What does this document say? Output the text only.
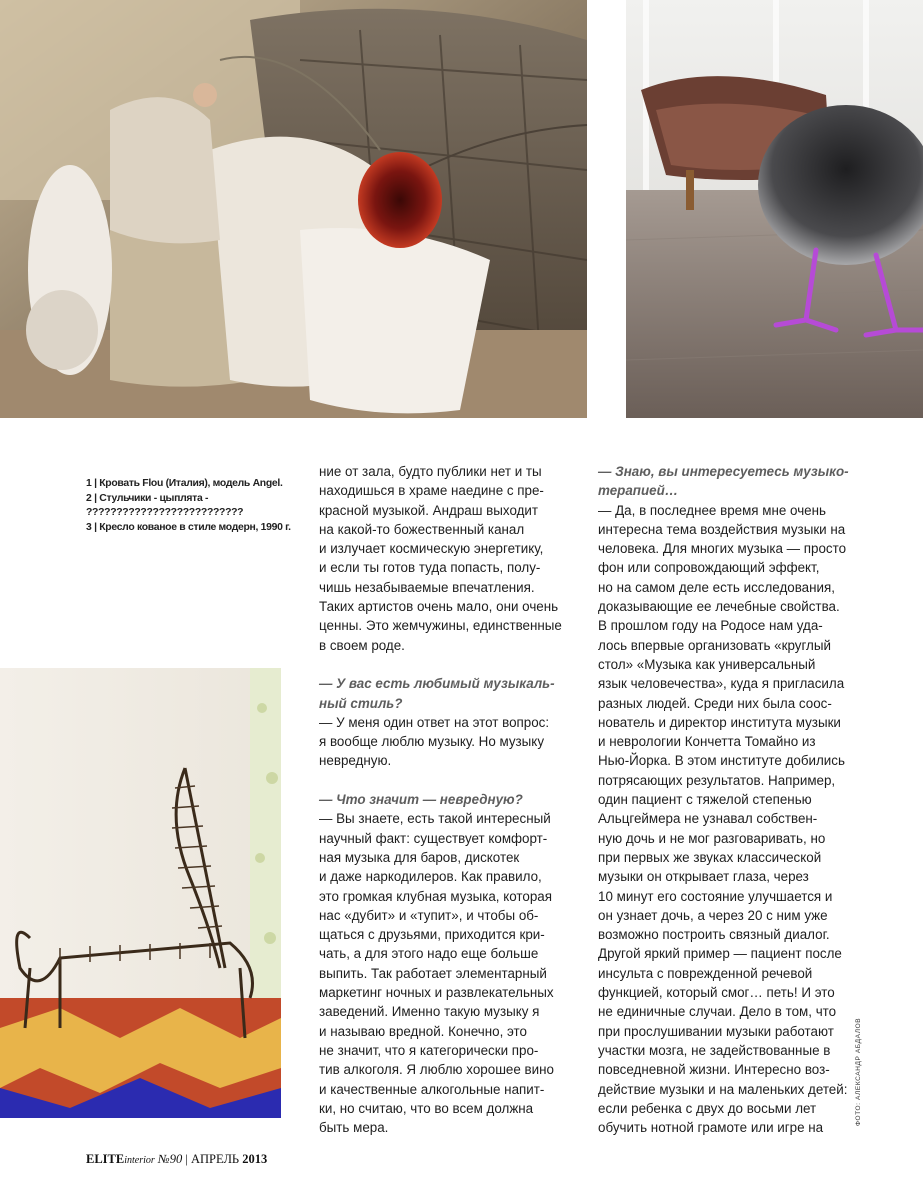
1 | Кровать Flou (Италия), модель Angel.
2 | Стульчики - цыплята -
??????????????????????????
3 | Кресло кованое в стиле модерн, 1990 г.
ние от зала, будто публики нет и ты
находишься в храме наедине с пре-
красной музыкой. Андраш выходит
на какой-то божественный канал
и излучает космическую энергетику,
и если ты готов туда попасть, полу-
чишь незабываемые впечатления.
Таких артистов очень мало, они очень
ценны. Это жемчужины, единственные
в своем роде.
— У вас есть любимый музыкаль-
ный стиль?
— У меня один ответ на этот вопрос:
я вообще люблю музыку. Но музыку
невредную.
— Что значит — невредную?
— Вы знаете, есть такой интересный
научный факт: существует комфорт-
ная музыка для баров, дискотек
и даже наркодилеров. Как правило,
это громкая клубная музыка, которая
нас «дубит» и «тупит», и чтобы об-
щаться с друзьями, приходится кри-
чать, а для этого надо еще больше
выпить. Так работает элементарный
маркетинг ночных и развлекательных
заведений. Именно такую музыку я
и называю вредной. Конечно, это
не значит, что я категорически про-
тив алкоголя. Я люблю хорошее вино
и качественные алкогольные напит-
ки, но считаю, что во всем должна
быть мера.
— Знаю, вы интересуетесь музыко-
терапией…
— Да, в последнее время мне очень
интересна тема воздействия музыки на
человека. Для многих музыка — просто
фон или сопровождающий эффект,
но на самом деле есть исследования,
доказывающие ее лечебные свойства.
В прошлом году на Родосе нам уда-
лось впервые организовать «круглый
стол» «Музыка как универсальный
язык человечества», куда я пригласила
разных людей. Среди них была соос-
нователь и директор института музыки
и неврологии Кончетта Томайно из
Нью-Йорка. В этом институте добились
потрясающих результатов. Например,
один пациент с тяжелой степенью
Альцгеймера не узнавал собствен-
ную дочь и не мог разговаривать, но
при первых же звуках классической
музыки он открывает глаза, через
10 минут его состояние улучшается и
он узнает дочь, а через 20 с ним уже
возможно построить связный диалог.
Другой яркий пример — пациент после
инсульта с поврежденной речевой
функцией, который смог… петь! И это
не единичные случаи. Дело в том, что
при прослушивании музыки работают
участки мозга, не задействованные в
повседневной жизни. Интересно воз-
действие музыки и на маленьких детей:
если ребенка с двух до восьми лет
обучить нотной грамоте или игре на
ELITEinterior №90 | АПРЕЛЬ 2013
ФОТО: АЛЕКСАНДР АБДАЛОВ
